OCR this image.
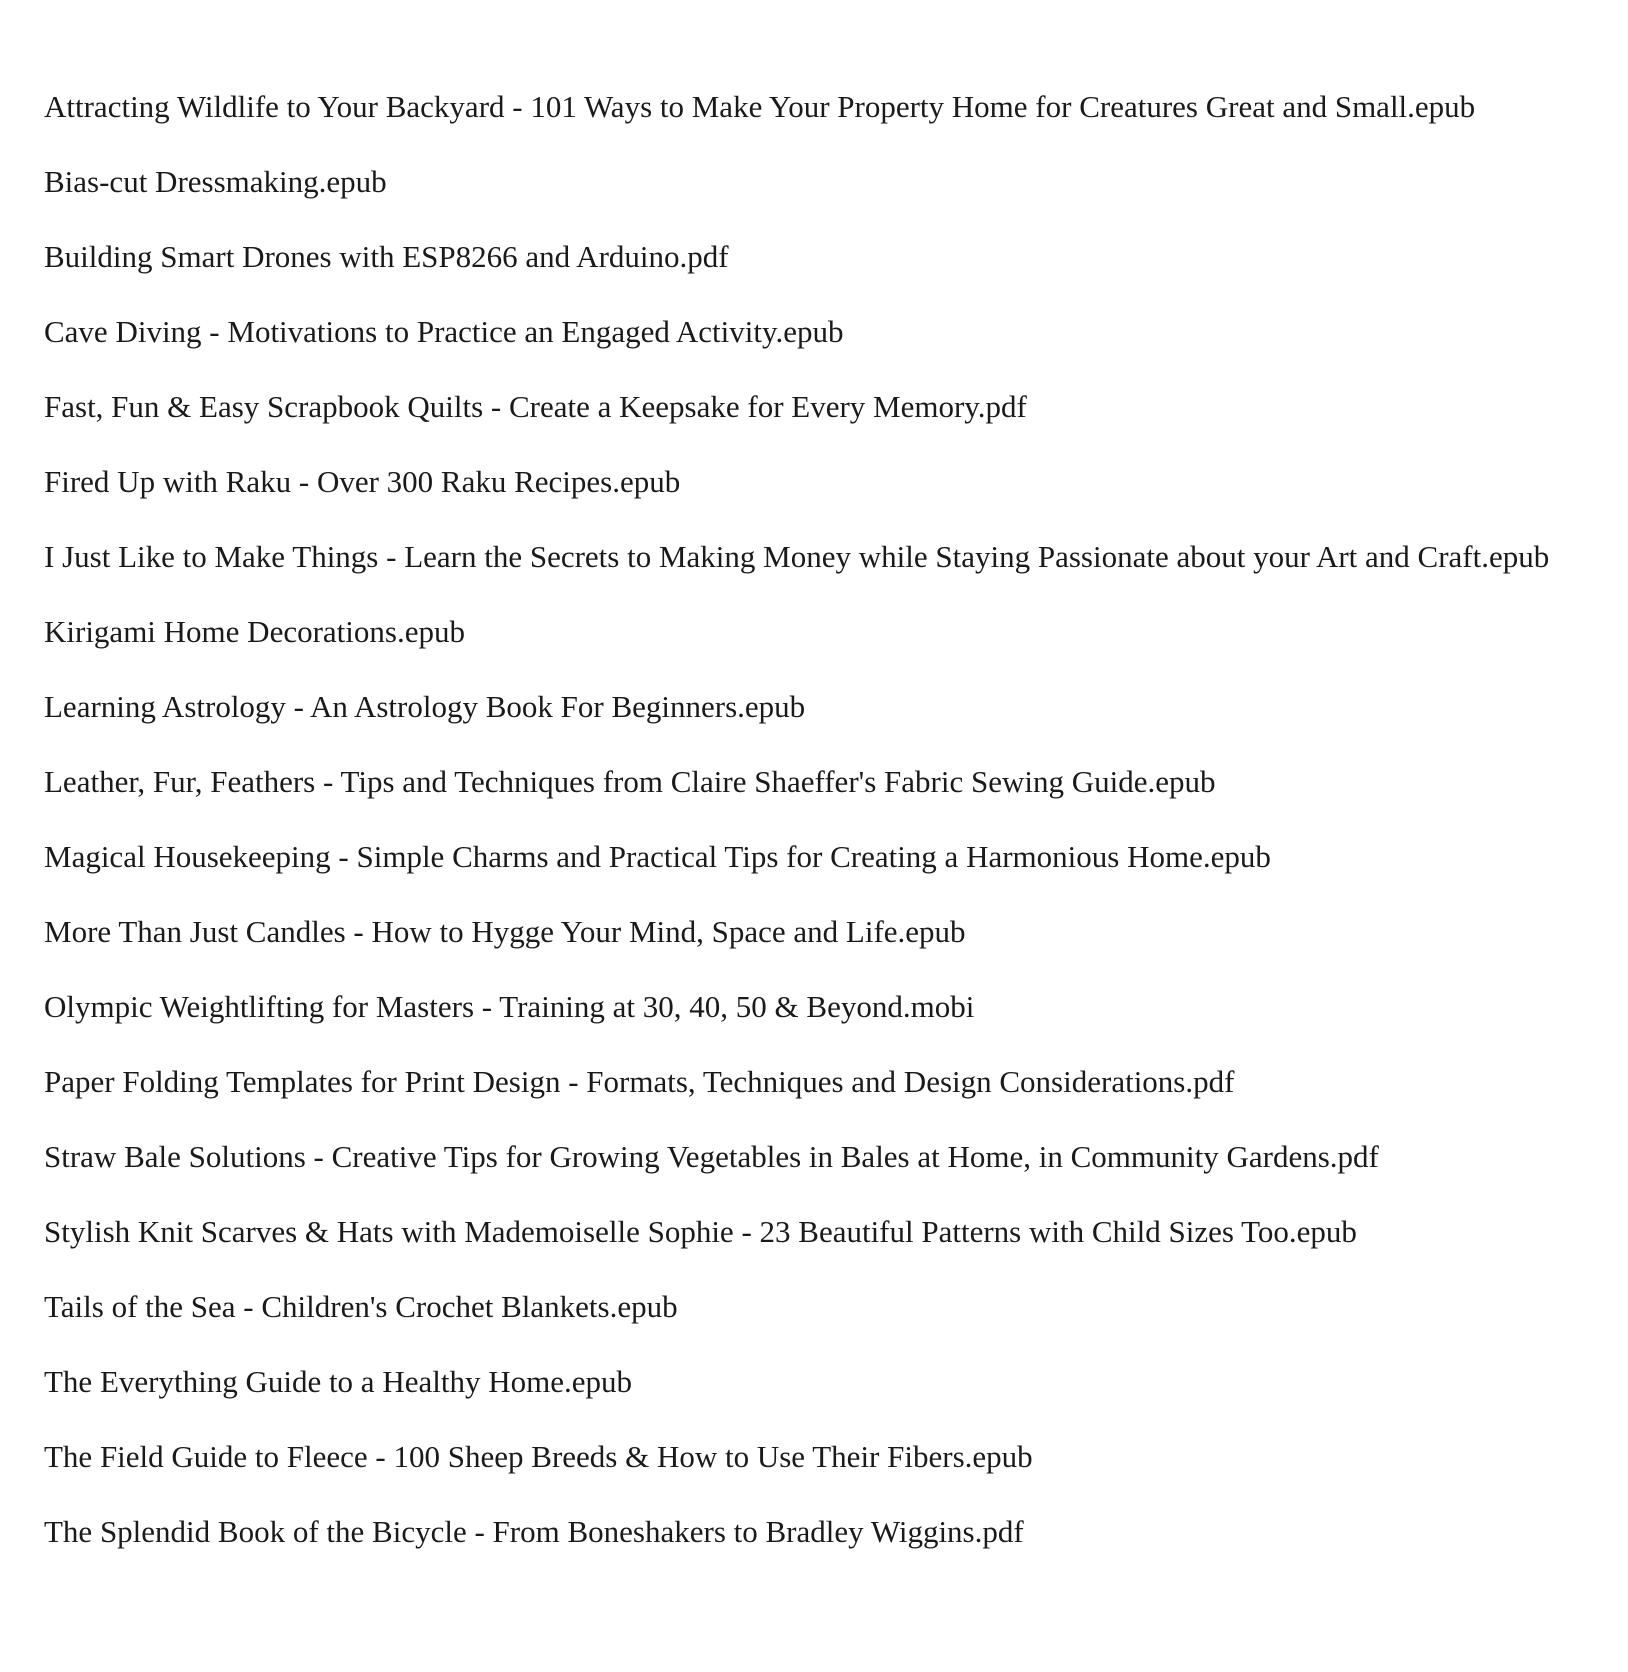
Attracting Wildlife to Your Backyard - 101 Ways to Make Your Property Home for Creatures Great and Small.epub
Bias-cut Dressmaking.epub
Building Smart Drones with ESP8266 and Arduino.pdf
Cave Diving - Motivations to Practice an Engaged Activity.epub
Fast, Fun & Easy Scrapbook Quilts - Create a Keepsake for Every Memory.pdf
Fired Up with Raku - Over 300 Raku Recipes.epub
I Just Like to Make Things - Learn the Secrets to Making Money while Staying Passionate about your Art and Craft.epub
Kirigami Home Decorations.epub
Learning Astrology - An Astrology Book For Beginners.epub
Leather, Fur, Feathers - Tips and Techniques from Claire Shaeffer's Fabric Sewing Guide.epub
Magical Housekeeping - Simple Charms and Practical Tips for Creating a Harmonious Home.epub
More Than Just Candles - How to Hygge Your Mind, Space and Life.epub
Olympic Weightlifting for Masters - Training at 30, 40, 50 & Beyond.mobi
Paper Folding Templates for Print Design - Formats, Techniques and Design Considerations.pdf
Straw Bale Solutions - Creative Tips for Growing Vegetables in Bales at Home, in Community Gardens.pdf
Stylish Knit Scarves & Hats with Mademoiselle Sophie - 23 Beautiful Patterns with Child Sizes Too.epub
Tails of the Sea - Children's Crochet Blankets.epub
The Everything Guide to a Healthy Home.epub
The Field Guide to Fleece - 100 Sheep Breeds & How to Use Their Fibers.epub
The Splendid Book of the Bicycle - From Boneshakers to Bradley Wiggins.pdf
